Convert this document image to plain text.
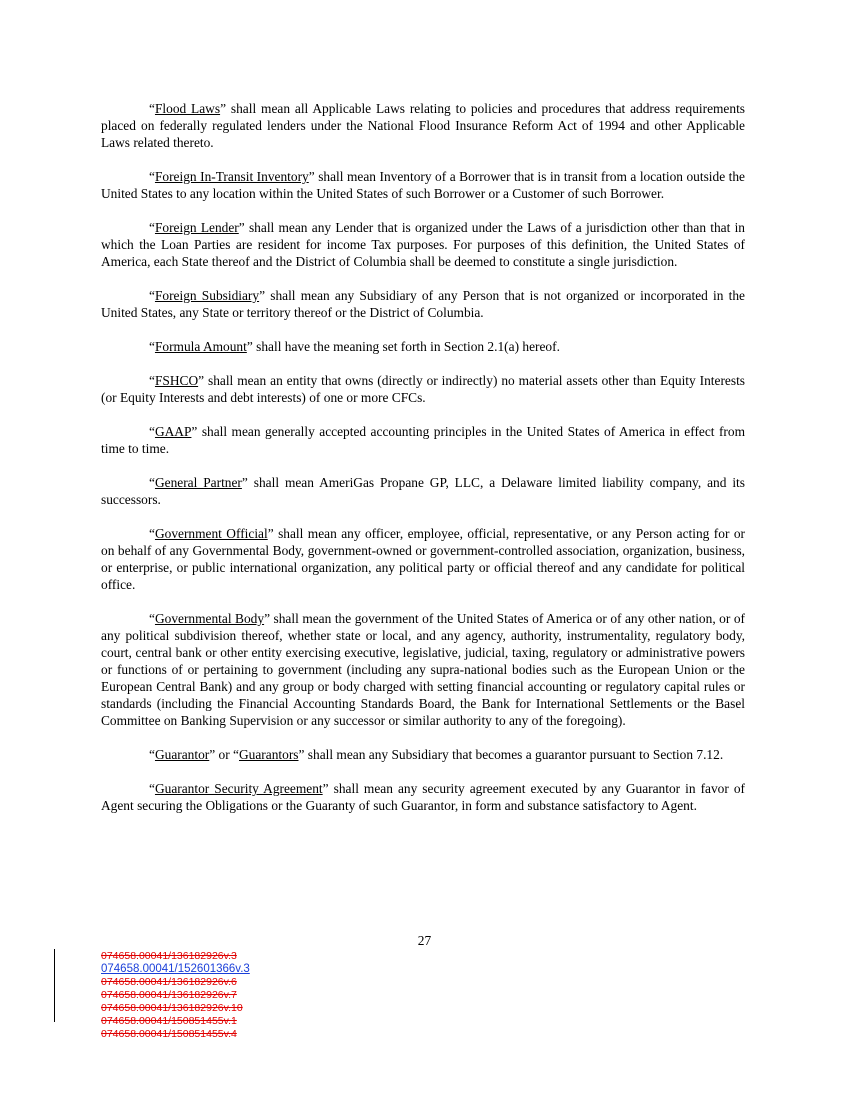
“Flood Laws” shall mean all Applicable Laws relating to policies and procedures that address requirements placed on federally regulated lenders under the National Flood Insurance Reform Act of 1994 and other Applicable Laws related thereto.

“Foreign In-Transit Inventory” shall mean Inventory of a Borrower that is in transit from a location outside the United States to any location within the United States of such Borrower or a Customer of such Borrower.

“Foreign Lender” shall mean any Lender that is organized under the Laws of a jurisdiction other than that in which the Loan Parties are resident for income Tax purposes. For purposes of this definition, the United States of America, each State thereof and the District of Columbia shall be deemed to constitute a single jurisdiction.

“Foreign Subsidiary” shall mean any Subsidiary of any Person that is not organized or incorporated in the United States, any State or territory thereof or the District of Columbia.

“Formula Amount” shall have the meaning set forth in Section 2.1(a) hereof.

“FSHCO” shall mean an entity that owns (directly or indirectly) no material assets other than Equity Interests (or Equity Interests and debt interests) of one or more CFCs.

“GAAP” shall mean generally accepted accounting principles in the United States of America in effect from time to time.

“General Partner” shall mean AmeriGas Propane GP, LLC, a Delaware limited liability company, and its successors.

“Government Official” shall mean any officer, employee, official, representative, or any Person acting for or on behalf of any Governmental Body, government-owned or government-controlled association, organization, business, or enterprise, or public international organization, any political party or official thereof and any candidate for political office.

“Governmental Body” shall mean the government of the United States of America or of any other nation, or of any political subdivision thereof, whether state or local, and any agency, authority, instrumentality, regulatory body, court, central bank or other entity exercising executive, legislative, judicial, taxing, regulatory or administrative powers or functions of or pertaining to government (including any supra-national bodies such as the European Union or the European Central Bank) and any group or body charged with setting financial accounting or regulatory capital rules or standards (including the Financial Accounting Standards Board, the Bank for International Settlements or the Basel Committee on Banking Supervision or any successor or similar authority to any of the foregoing).

“Guarantor” or “Guarantors” shall mean any Subsidiary that becomes a guarantor pursuant to Section 7.12.

“Guarantor Security Agreement” shall mean any security agreement executed by any Guarantor in favor of Agent securing the Obligations or the Guaranty of such Guarantor, in form and substance satisfactory to Agent.

27
074658.00041/136182926v.3
074658.00041/152601366v.3
074658.00041/136182926v.6
074658.00041/136182926v.7
074658.00041/136182926v.10
074658.00041/150851455v.1
074658.00041/150851455v.4
